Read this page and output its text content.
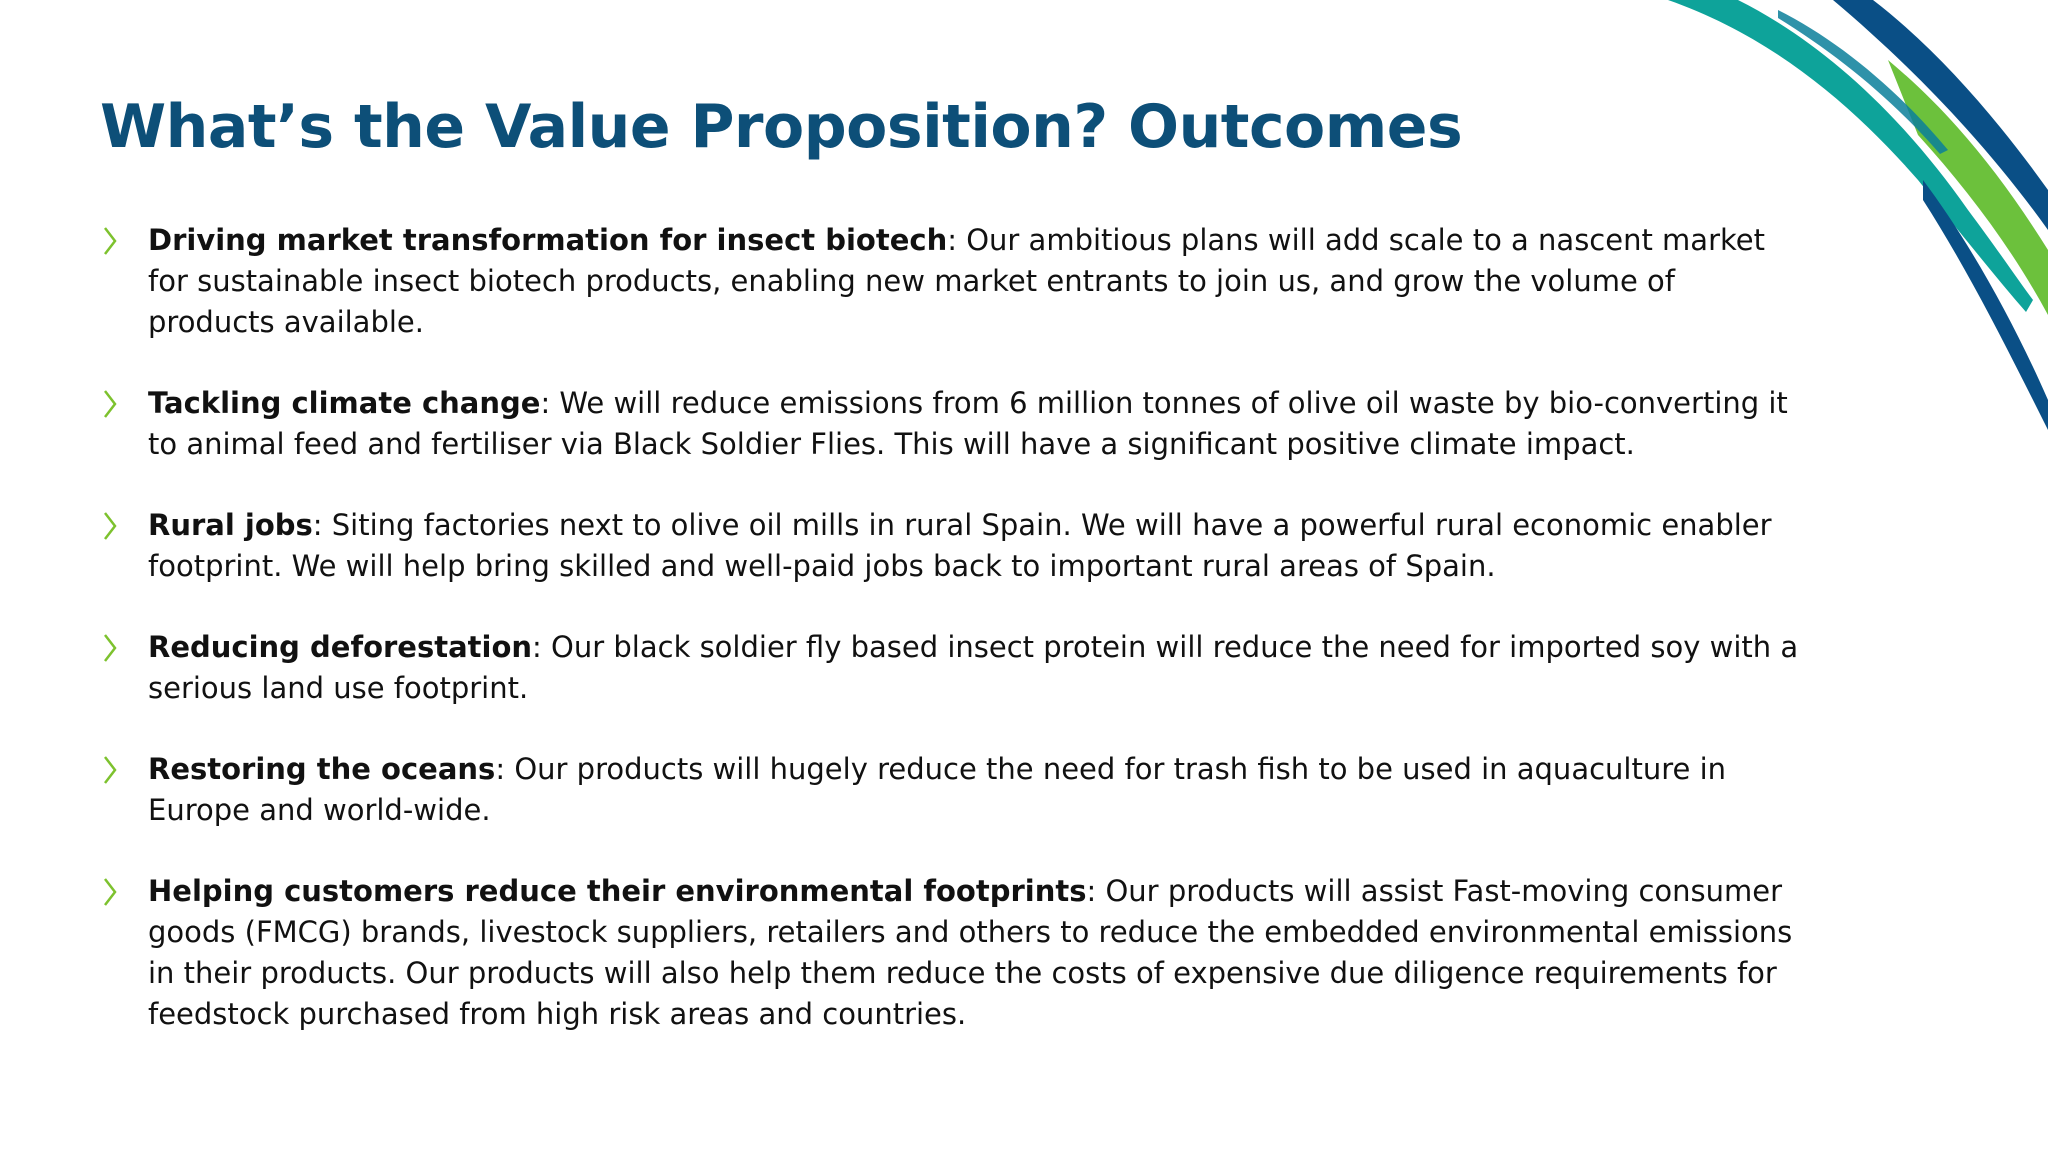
What’s the Value Proposition? Outcomes
Driving market transformation for insect biotech: Our ambitious plans will add scale to a nascent market for sustainable insect biotech products, enabling new market entrants to join us, and grow the volume of products available.
Tackling climate change: We will reduce emissions from 6 million tonnes of olive oil waste by bio-converting it to animal feed and fertiliser via Black Soldier Flies. This will have a significant positive climate impact.
Rural jobs: Siting factories next to olive oil mills in rural Spain. We will have a powerful rural economic enabler footprint. We will help bring skilled and well-paid jobs back to important rural areas of Spain.
Reducing deforestation: Our black soldier fly based insect protein will reduce the need for imported soy with a serious land use footprint.
Restoring the oceans: Our products will hugely reduce the need for trash fish to be used in aquaculture in Europe and world-wide.
Helping customers reduce their environmental footprints: Our products will assist Fast-moving consumer goods (FMCG) brands, livestock suppliers, retailers and others to reduce the embedded environmental emissions in their products. Our products will also help them reduce the costs of expensive due diligence requirements for feedstock purchased from high risk areas and countries.
